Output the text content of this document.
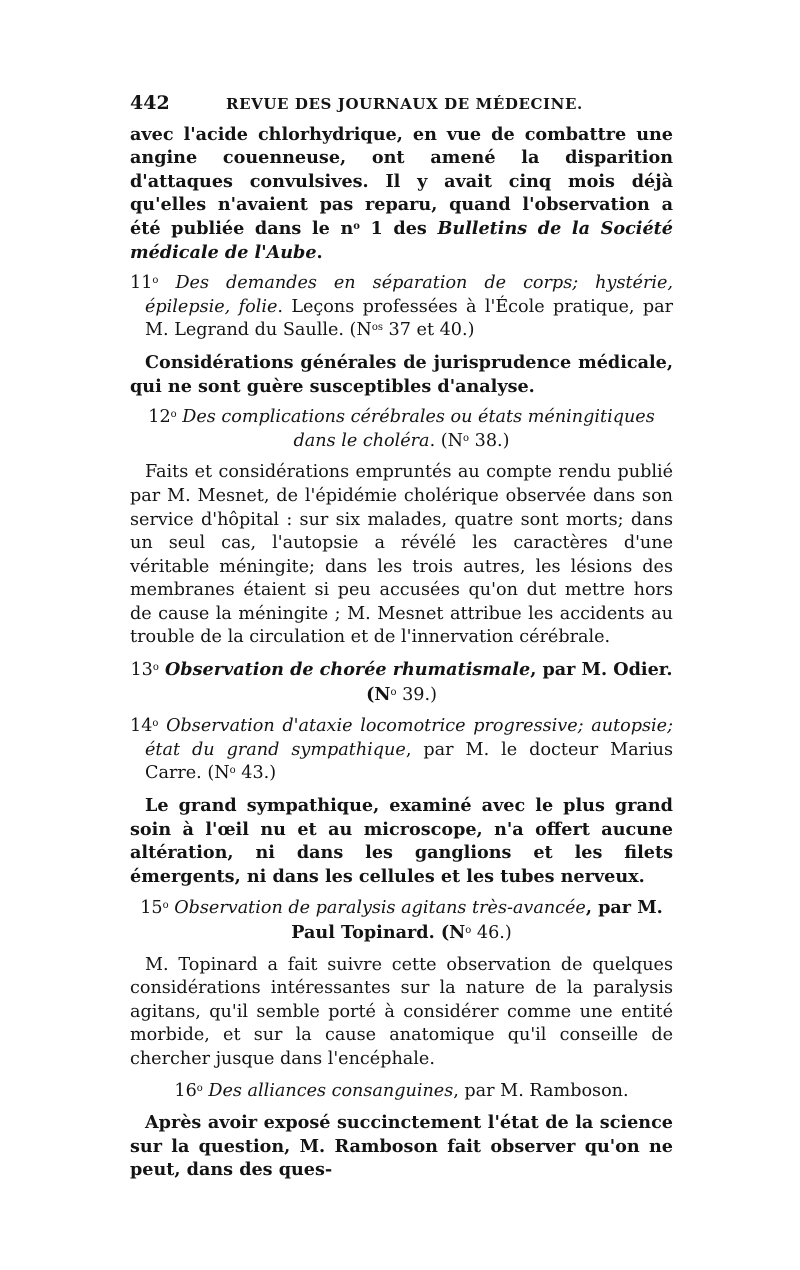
442	REVUE DES JOURNAUX DE MÉDECINE.

avec l'acide chlorhydrique, en vue de combattre une angine couenneuse, ont amené la disparition d'attaques convulsives. Il y avait cinq mois déjà qu'elles n'avaient pas reparu, quand l'observation a été publiée dans le $n^o$ 1 des Bulletins de la Société médicale de l'Aube.

11$^o$ Des demandes en séparation de corps; hystérie, épilepsie, folie. Leçons professées à l'École pratique, par M. Legrand du Saulle. ($N^{os}$ 37 et 40.)

Considérations générales de jurisprudence médicale, qui ne sont guère susceptibles d'analyse.

12$^o$ Des complications cérébrales ou états méningitiques dans le choléra. ($N^o$ 38.)

Faits et considérations empruntés au compte rendu publié par M. Mesnet, de l'épidémie cholérique observée dans son service d'hôpital : sur six malades, quatre sont morts; dans un seul cas, l'autopsie a révélé les caractères d'une véritable méningite; dans les trois autres, les lésions des membranes étaient si peu accusées qu'on dut mettre hors de cause la méningite ; M. Mesnet attribue les accidents au trouble de la circulation et de l'innervation cérébrale.

13$^o$ Observation de chorée rhumatismale, par M. Odier. ($N^o$ 39.)

14$^o$ Observation d'ataxie locomotrice progressive; autopsie; état du grand sympathique, par M. le docteur Marius Carre. ($N^o$ 43.)

Le grand sympathique, examiné avec le plus grand soin à l'œil nu et au microscope, n'a offert aucune altération, ni dans les ganglions et les filets émergents, ni dans les cellules et les tubes nerveux.

15$^o$ Observation de paralysis agitans très-avancée, par M. Paul Topinard. ($N^o$ 46.)

M. Topinard a fait suivre cette observation de quelques considérations intéressantes sur la nature de la paralysis agitans, qu'il semble porté à considérer comme une entité morbide, et sur la cause anatomique qu'il conseille de chercher jusque dans l'encéphale.

16$^o$ Des alliances consanguines, par M. Ramboson.

Après avoir exposé succinctement l'état de la science sur la question, M. Ramboson fait observer qu'on ne peut, dans des ques-
